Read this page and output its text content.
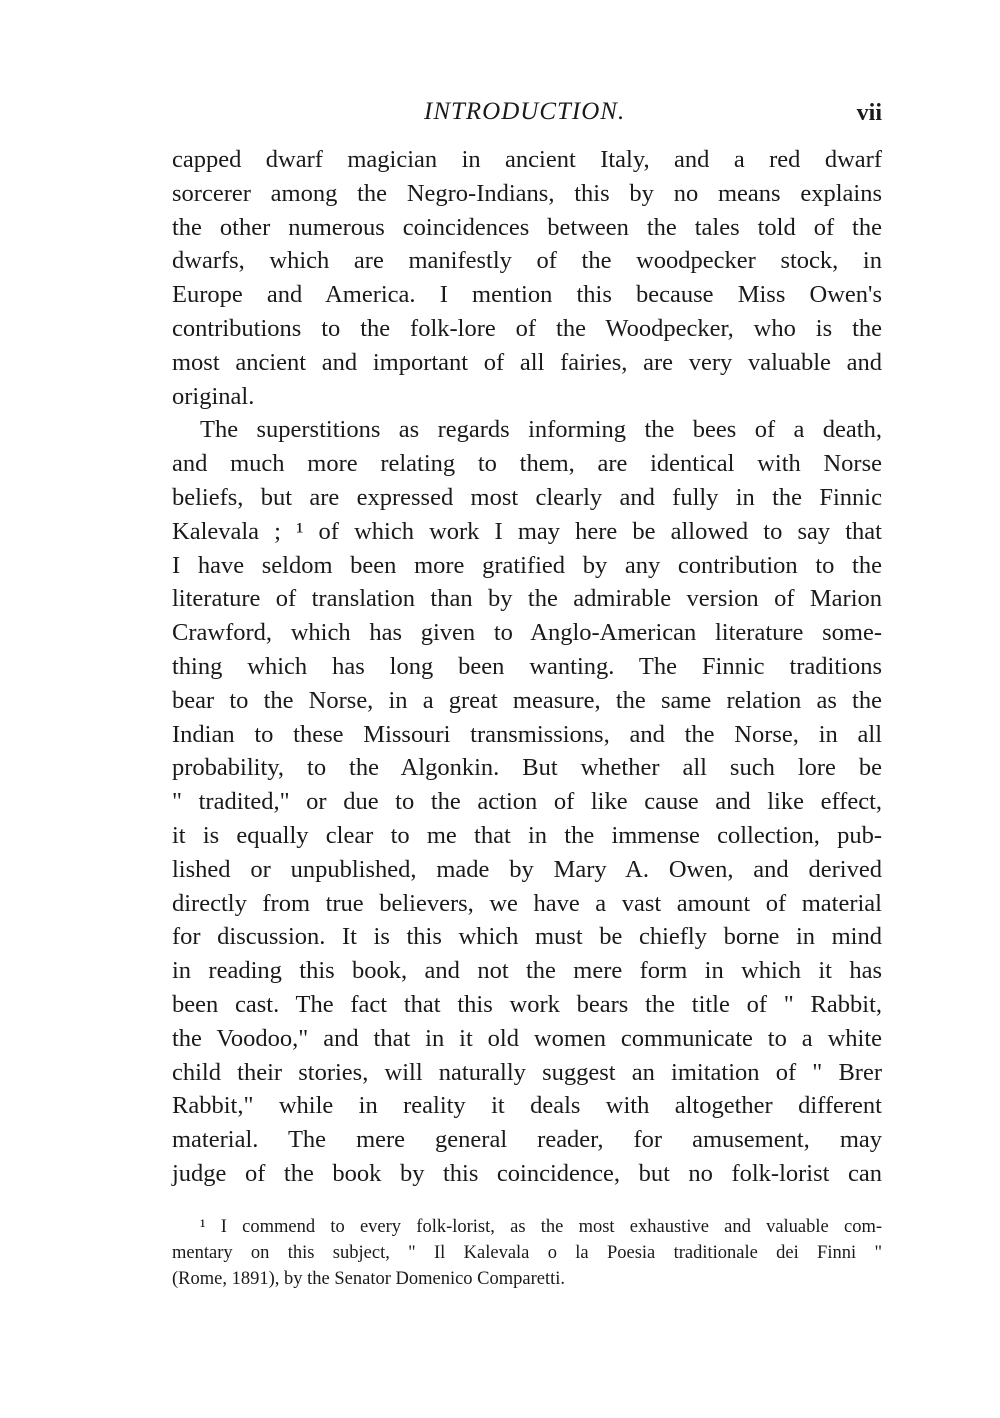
INTRODUCTION.	vii
capped dwarf magician in ancient Italy, and a red dwarf
sorcerer among the Negro-Indians, this by no means explains
the other numerous coincidences between the tales told of the
dwarfs, which are manifestly of the woodpecker stock, in
Europe and America. I mention this because Miss Owen's
contributions to the folk-lore of the Woodpecker, who is the
most ancient and important of all fairies, are very valuable and
original.
The superstitions as regards informing the bees of a death,
and much more relating to them, are identical with Norse
beliefs, but are expressed most clearly and fully in the Finnic
Kalevala ; ¹ of which work I may here be allowed to say that
I have seldom been more gratified by any contribution to the
literature of translation than by the admirable version of Marion
Crawford, which has given to Anglo-American literature some-
thing which has long been wanting. The Finnic traditions
bear to the Norse, in a great measure, the same relation as the
Indian to these Missouri transmissions, and the Norse, in all
probability, to the Algonkin. But whether all such lore be
" tradited," or due to the action of like cause and like effect,
it is equally clear to me that in the immense collection, pub-
lished or unpublished, made by Mary A. Owen, and derived
directly from true believers, we have a vast amount of material
for discussion. It is this which must be chiefly borne in mind
in reading this book, and not the mere form in which it has
been cast. The fact that this work bears the title of " Rabbit,
the Voodoo," and that in it old women communicate to a white
child their stories, will naturally suggest an imitation of " Brer
Rabbit," while in reality it deals with altogether different
material. The mere general reader, for amusement, may
judge of the book by this coincidence, but no folk-lorist can
¹ I commend to every folk-lorist, as the most exhaustive and valuable com-
mentary on this subject, " Il Kalevala o la Poesia traditionale dei Finni "
(Rome, 1891), by the Senator Domenico Comparetti.
